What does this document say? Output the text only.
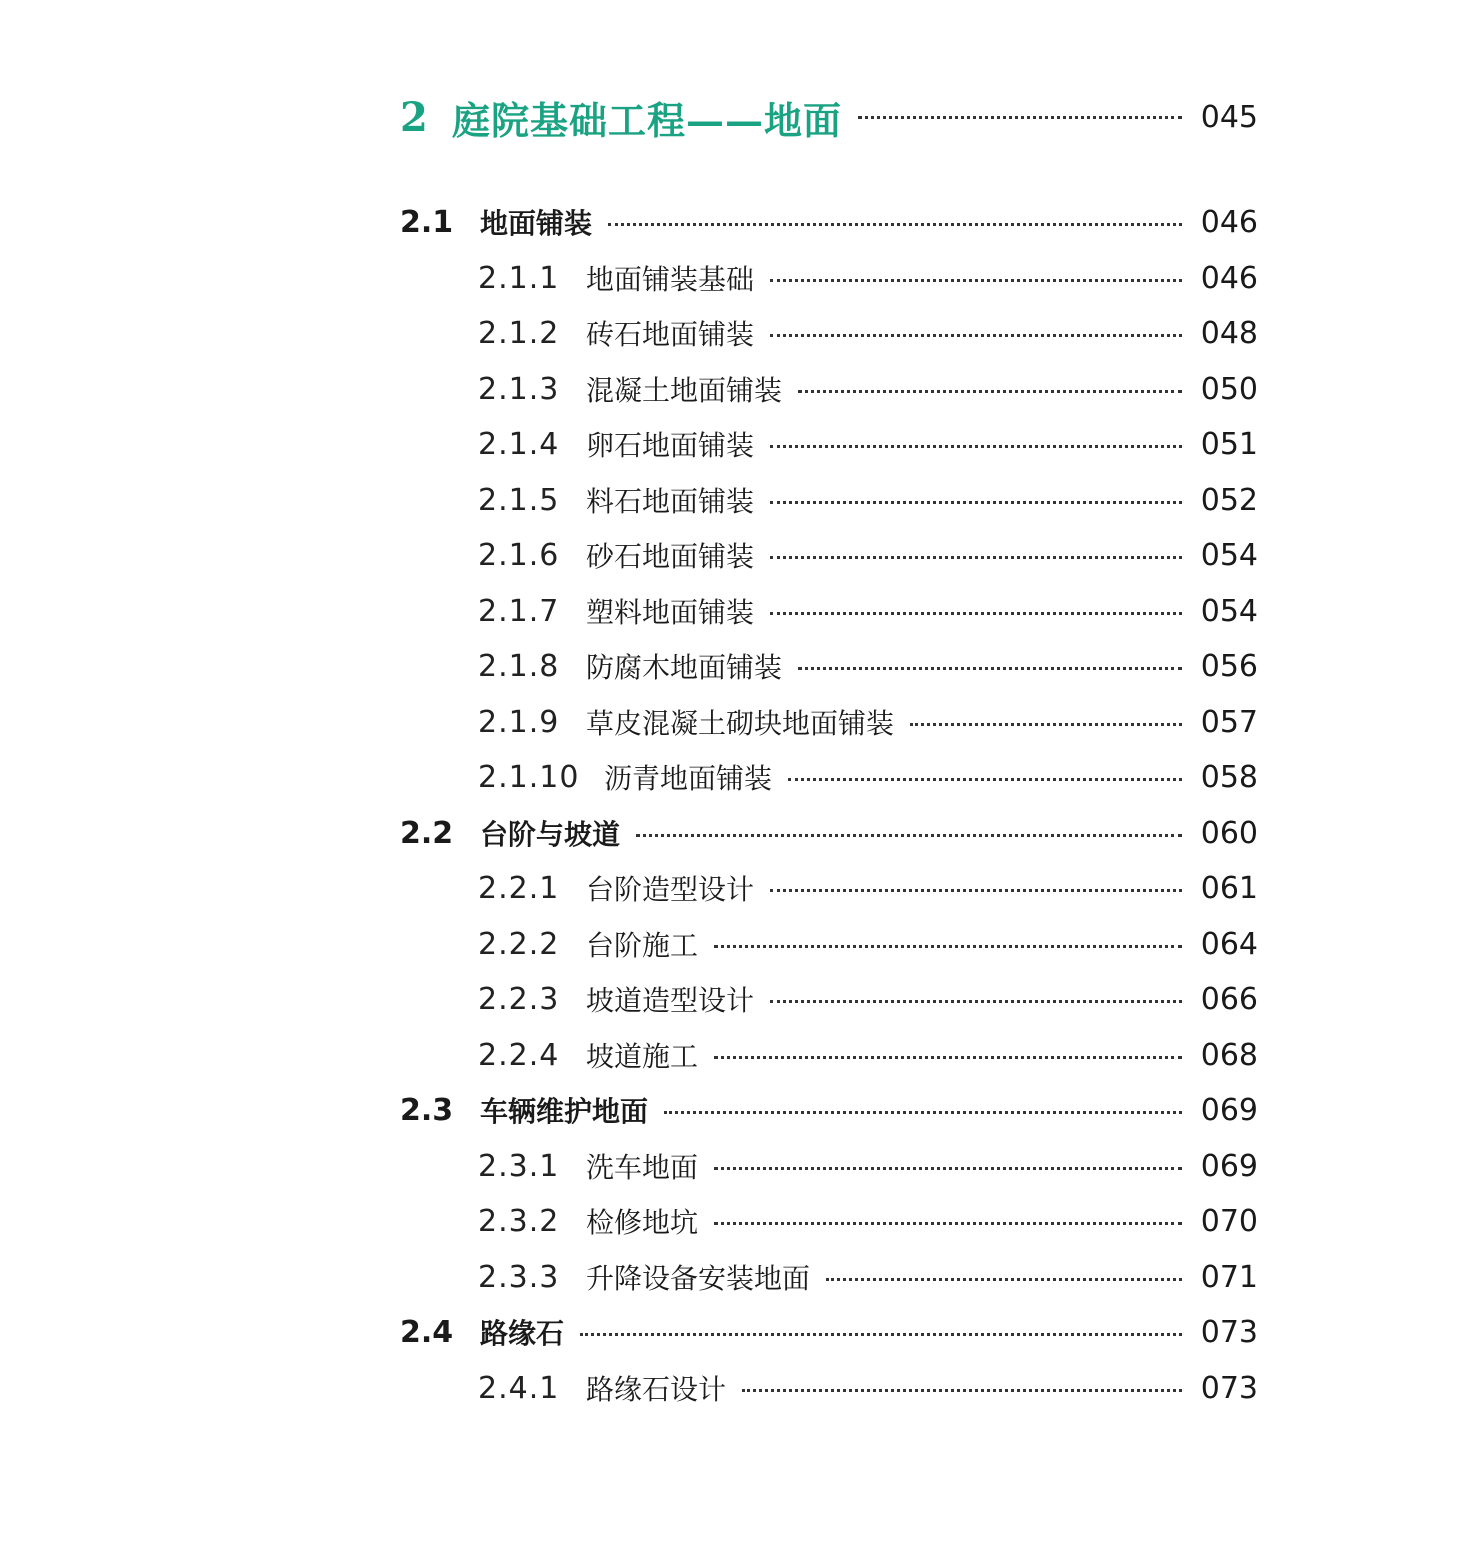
2 庭院基础工程——地面	045
2.1 地面铺装	046
2.1.1 地面铺装基础	046
2.1.2 砖石地面铺装	048
2.1.3 混凝土地面铺装	050
2.1.4 卵石地面铺装	051
2.1.5 料石地面铺装	052
2.1.6 砂石地面铺装	054
2.1.7 塑料地面铺装	054
2.1.8 防腐木地面铺装	056
2.1.9 草皮混凝土砌块地面铺装	057
2.1.10 沥青地面铺装	058
2.2 台阶与坡道	060
2.2.1 台阶造型设计	061
2.2.2 台阶施工	064
2.2.3 坡道造型设计	066
2.2.4 坡道施工	068
2.3 车辆维护地面	069
2.3.1 洗车地面	069
2.3.2 检修地坑	070
2.3.3 升降设备安装地面	071
2.4 路缘石	073
2.4.1 路缘石设计	073
